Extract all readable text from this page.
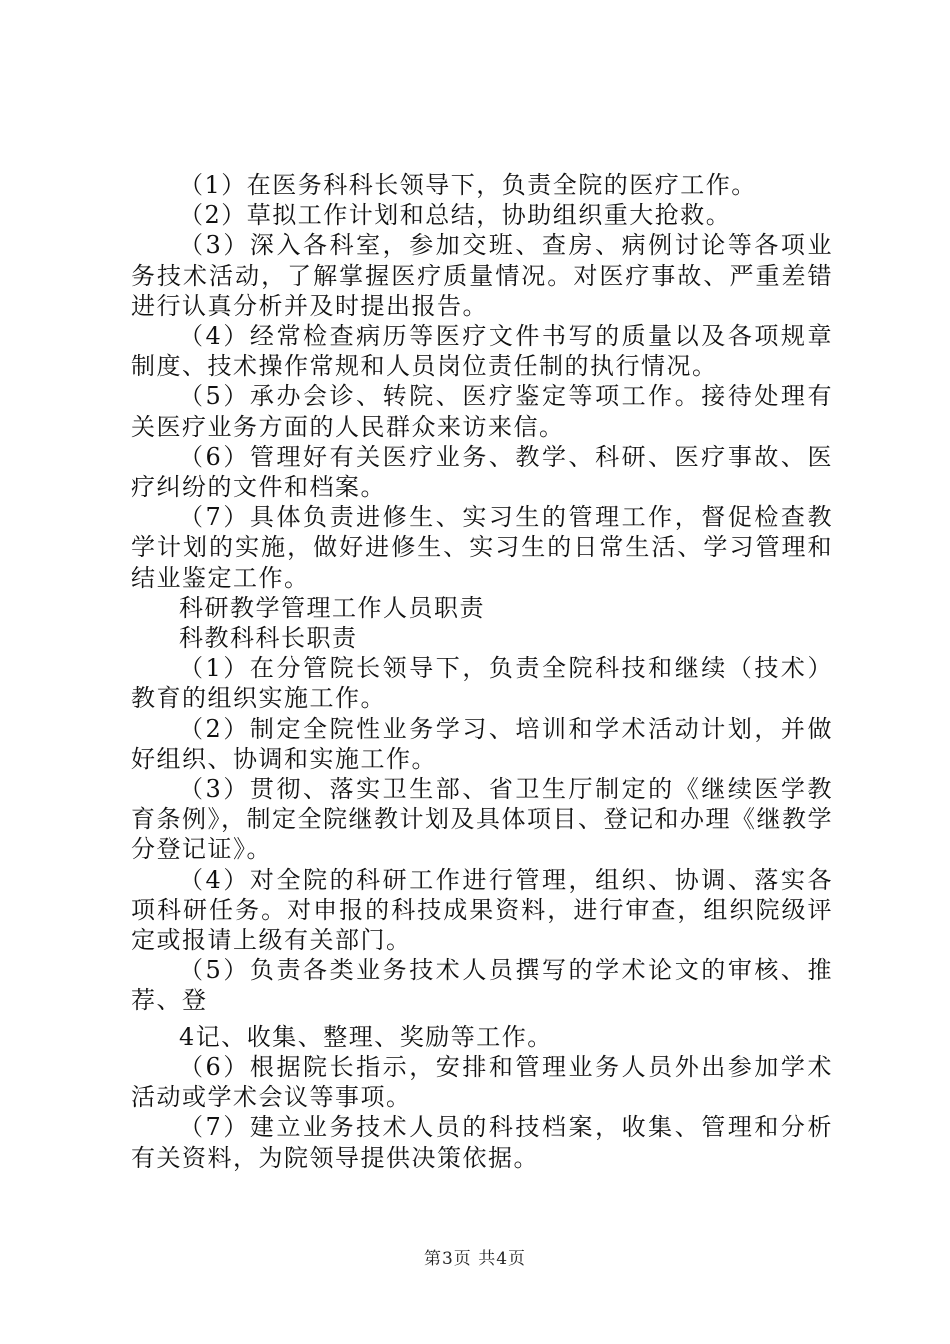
（1）在医务科科长领导下，负责全院的医疗工作。

（2）草拟工作计划和总结，协助组织重大抢救。

（3）深入各科室，参加交班、查房、病例讨论等各项业务技术活动，了解掌握医疗质量情况。对医疗事故、严重差错进行认真分析并及时提出报告。

（4）经常检查病历等医疗文件书写的质量以及各项规章制度、技术操作常规和人员岗位责任制的执行情况。

（5）承办会诊、转院、医疗鉴定等项工作。接待处理有关医疗业务方面的人民群众来访来信。

（6）管理好有关医疗业务、教学、科研、医疗事故、医疗纠纷的文件和档案。

（7）具体负责进修生、实习生的管理工作，督促检查教学计划的实施，做好进修生、实习生的日常生活、学习管理和结业鉴定工作。

科研教学管理工作人员职责

科教科科长职责

（1）在分管院长领导下，负责全院科技和继续（技术）教育的组织实施工作。

（2）制定全院性业务学习、培训和学术活动计划，并做好组织、协调和实施工作。

（3）贯彻、落实卫生部、省卫生厅制定的《继续医学教育条例》，制定全院继教计划及具体项目、登记和办理《继教学分登记证》。

（4）对全院的科研工作进行管理，组织、协调、落实各项科研任务。对申报的科技成果资料，进行审查，组织院级评定或报请上级有关部门。

（5）负责各类业务技术人员撰写的学术论文的审核、推荐、登

4记、收集、整理、奖励等工作。

（6）根据院长指示，安排和管理业务人员外出参加学术活动或学术会议等事项。

（7）建立业务技术人员的科技档案，收集、管理和分析有关资料，为院领导提供决策依据。

第3页 共4页
